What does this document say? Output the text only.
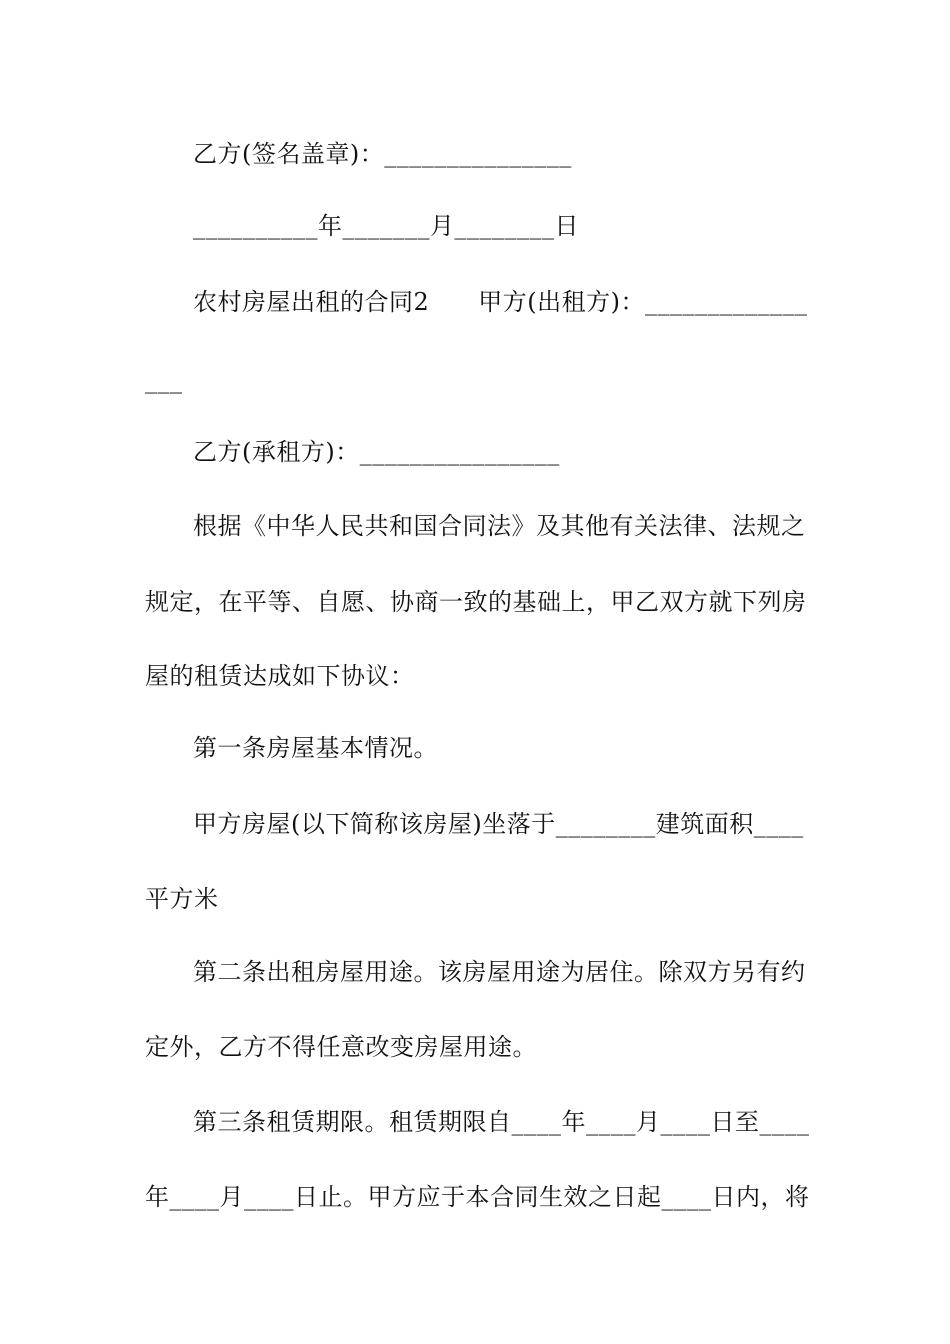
乙方(签名盖章)：_______________
__________年_______月________日
农村房屋出租的合同2　　甲方(出租方)：_____________
___
乙方(承租方)：________________
根据《中华人民共和国合同法》及其他有关法律、法规之
规定，在平等、自愿、协商一致的基础上，甲乙双方就下列房
屋的租赁达成如下协议：
第一条房屋基本情况。
甲方房屋(以下简称该房屋)坐落于________建筑面积____
平方米
第二条出租房屋用途。该房屋用途为居住。除双方另有约
定外，乙方不得任意改变房屋用途。
第三条租赁期限。租赁期限自____年____月____日至____
年____月____日止。甲方应于本合同生效之日起____日内，将
